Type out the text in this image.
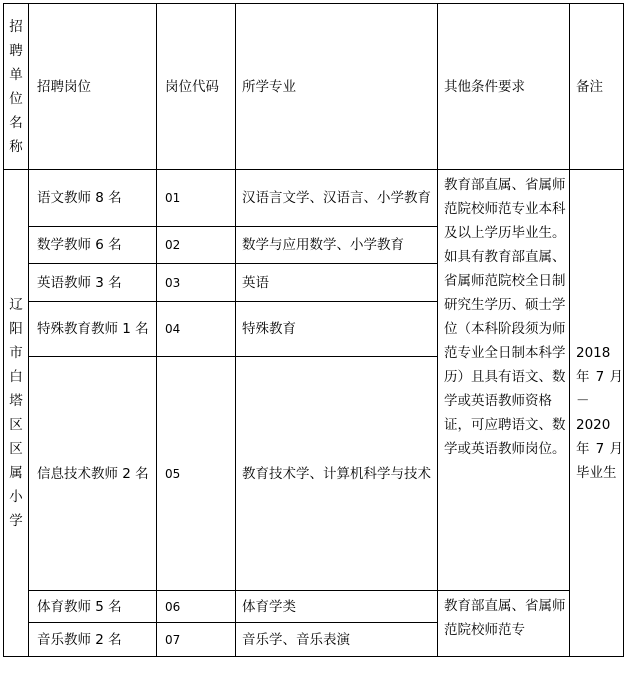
招聘单位名称	招聘岗位	岗位代码	所学专业	其他条件要求	备注

辽阳市白塔区区属小学	语文教师 8 名	01	汉语言文学、汉语言、小学教育	教育部直属、省属师范院校师范专业本科及以上学历毕业生。
如具有教育部直属、省属师范院校全日制研究生学历、硕士学位（本科阶段须为师范专业全日制本科学历）且具有语文、数学或英语教师资格证，可应聘语文、数学或英语教师岗位。	2018 年 7 月－2020 年 7 月毕业生

	数学教师 6 名	02	数学与应用数学、小学教育		
	英语教师 3 名	03	英语		
	特殊教育教师 1 名	04	特殊教育		
	信息技术教师 2 名	05	教育技术学、计算机科学与技术		
	体育教师 5 名	06	体育学类	教育部直属、省属师范院校师范专	

	音乐教师 2 名	07	音乐学、音乐表演		
